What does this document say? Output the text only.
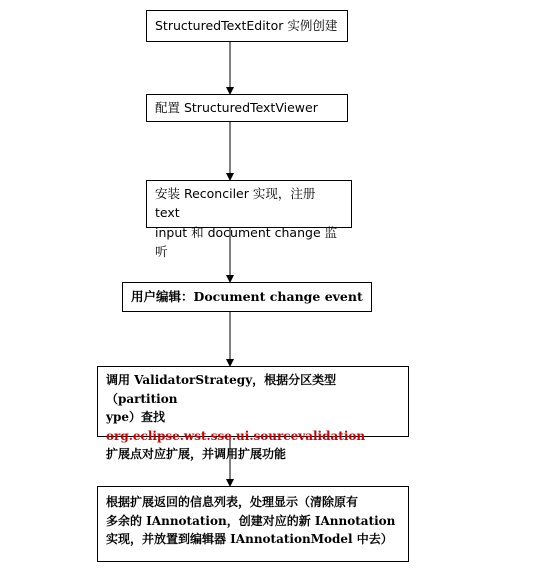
StructuredTextEditor 实例创建
配置 StructuredTextViewer
安装 Reconciler 实现，注册 text
input 和 document change 监听
用户编辑：Document change event
调用 ValidatorStrategy，根据分区类型（partition
ype）查找 org.eclipse.wst.sse.ui.sourcevalidation
扩展点对应扩展，并调用扩展功能
根据扩展返回的信息列表，处理显示（清除原有
多余的 IAnnotation，创建对应的新 IAnnotation
实现，并放置到编辑器 IAnnotationModel 中去）
